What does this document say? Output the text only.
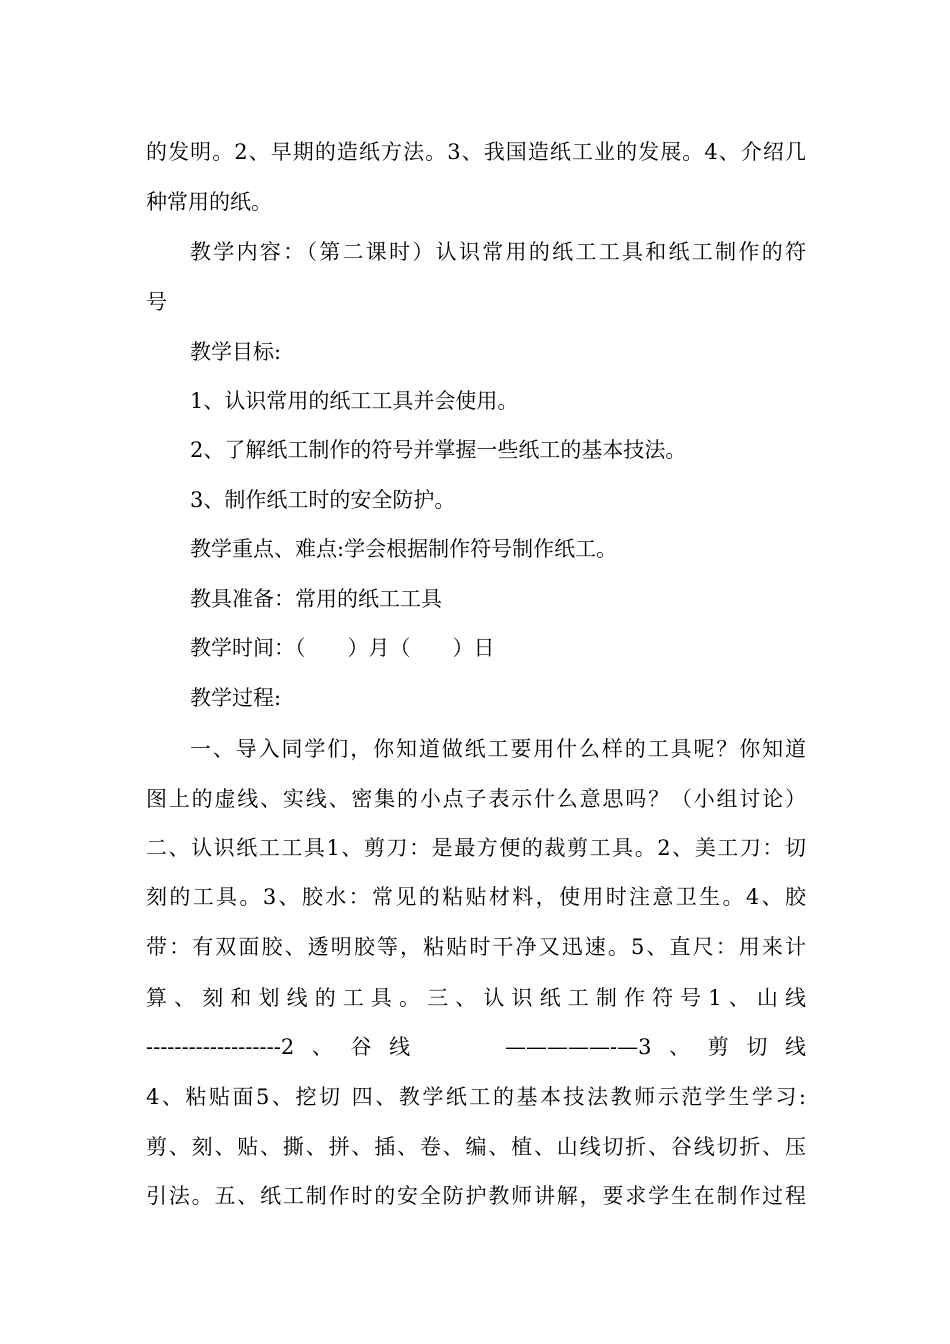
的发明。2、早期的造纸方法。3、我国造纸工业的发展。4、介绍几
种常用的纸。
教学内容：（第二课时）认识常用的纸工工具和纸工制作的符
号
教学目标:
1、认识常用的纸工工具并会使用。
2、了解纸工制作的符号并掌握一些纸工的基本技法。
3、制作纸工时的安全防护。
教学重点、难点:学会根据制作符号制作纸工。
教具准备：常用的纸工工具
教学时间：（　　）月（　　）日
教学过程:
一、导入同学们，你知道做纸工要用什么样的工具呢？你知道
图上的虚线、实线、密集的小点子表示什么意思吗？（小组讨论）
二、认识纸工工具1、剪刀：是最方便的裁剪工具。2、美工刀：切
刻的工具。3、胶水：常见的粘贴材料，使用时注意卫生。4、胶
带：有双面胶、透明胶等，粘贴时干净又迅速。5、直尺：用来计
算、刻和划线的工具。三、认识纸工制作符号1、山线
-------------------2、谷线　　—————-—3、剪切线
4、粘贴面5、挖切 四、教学纸工的基本技法教师示范学生学习:
剪、刻、贴、撕、拼、插、卷、编、植、山线切折、谷线切折、压
引法。五、纸工制作时的安全防护教师讲解，要求学生在制作过程
